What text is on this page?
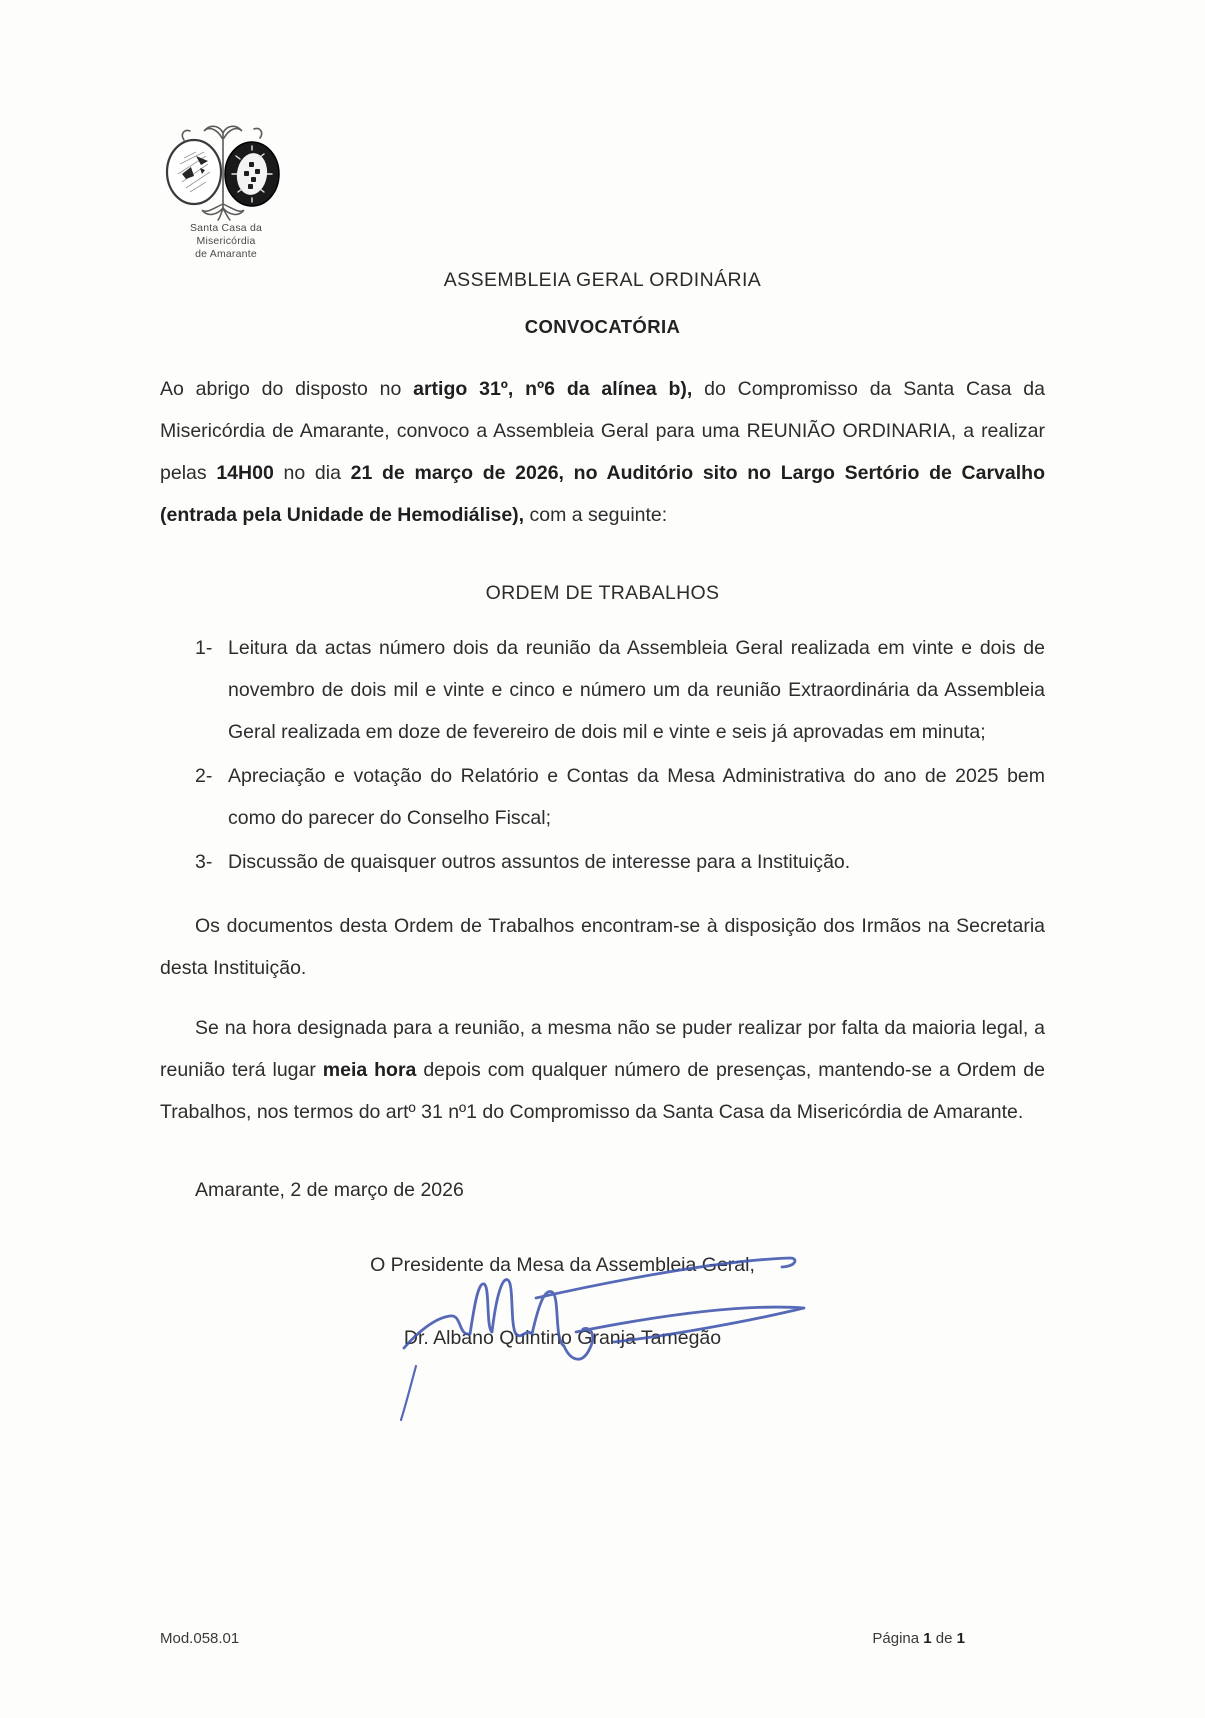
Santa Casa da Misericórdia
de Amarante
ASSEMBLEIA GERAL ORDINÁRIA
CONVOCATÓRIA
Ao abrigo do disposto no artigo 31º, nº6 da alínea b), do Compromisso da Santa Casa da Misericórdia de Amarante, convoco a Assembleia Geral para uma REUNIÃO ORDINARIA, a realizar pelas 14H00 no dia 21 de março de 2026, no Auditório sito no Largo Sertório de Carvalho (entrada pela Unidade de Hemodiálise), com a seguinte:
ORDEM DE TRABALHOS
1- Leitura da actas número dois da reunião da Assembleia Geral realizada em vinte e dois de novembro de dois mil e vinte e cinco e número um da reunião Extraordinária da Assembleia Geral realizada em doze de fevereiro de dois mil e vinte e seis já aprovadas em minuta;
2- Apreciação e votação do Relatório e Contas da Mesa Administrativa do ano de 2025 bem como do parecer do Conselho Fiscal;
3- Discussão de quaisquer outros assuntos de interesse para a Instituição.
Os documentos desta Ordem de Trabalhos encontram-se à disposição dos Irmãos na Secretaria desta Instituição.
Se na hora designada para a reunião, a mesma não se puder realizar por falta da maioria legal, a reunião terá lugar meia hora depois com qualquer número de presenças, mantendo-se a Ordem de Trabalhos, nos termos do artº 31 nº1 do Compromisso da Santa Casa da Misericórdia de Amarante.
Amarante, 2 de março de 2026
O Presidente da Mesa da Assembleia Geral,
Dr. Albano Quintino Granja Tamegão
Mod.058.01	Página 1 de 1
